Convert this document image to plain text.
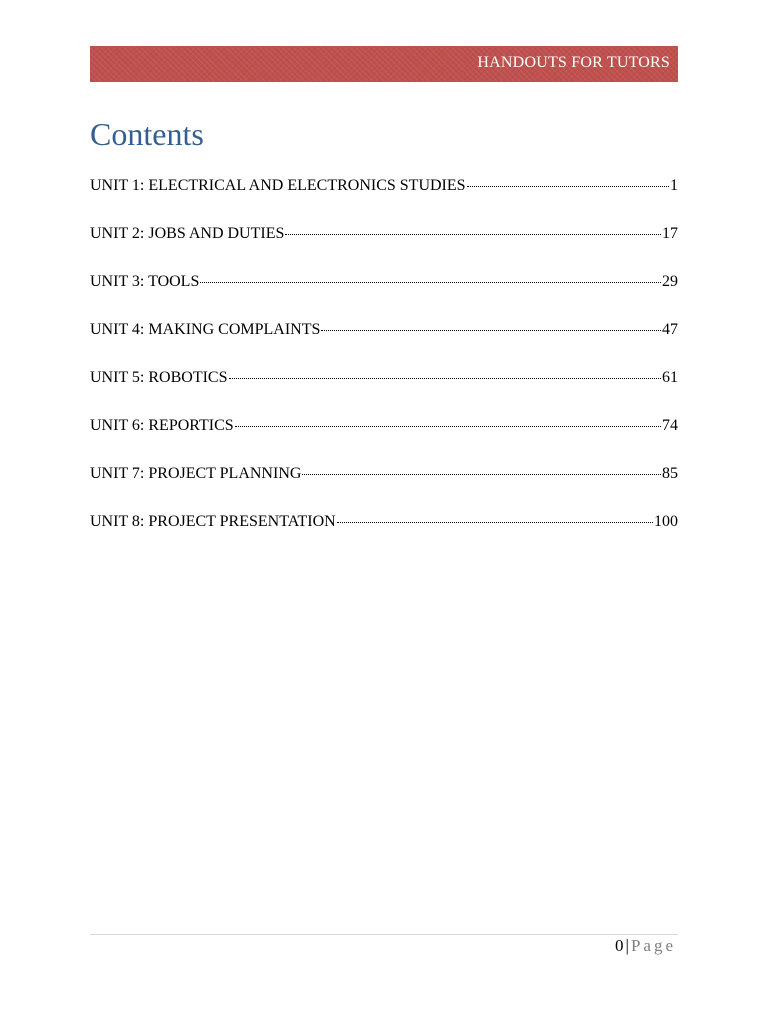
HANDOUTS FOR TUTORS
Contents
UNIT 1: ELECTRICAL AND ELECTRONICS STUDIES	1
UNIT 2: JOBS AND DUTIES	17
UNIT 3: TOOLS	29
UNIT 4: MAKING COMPLAINTS	47
UNIT 5: ROBOTICS	61
UNIT 6: REPORTICS	74
UNIT 7: PROJECT PLANNING	85
UNIT 8: PROJECT PRESENTATION	100
0 | Page
